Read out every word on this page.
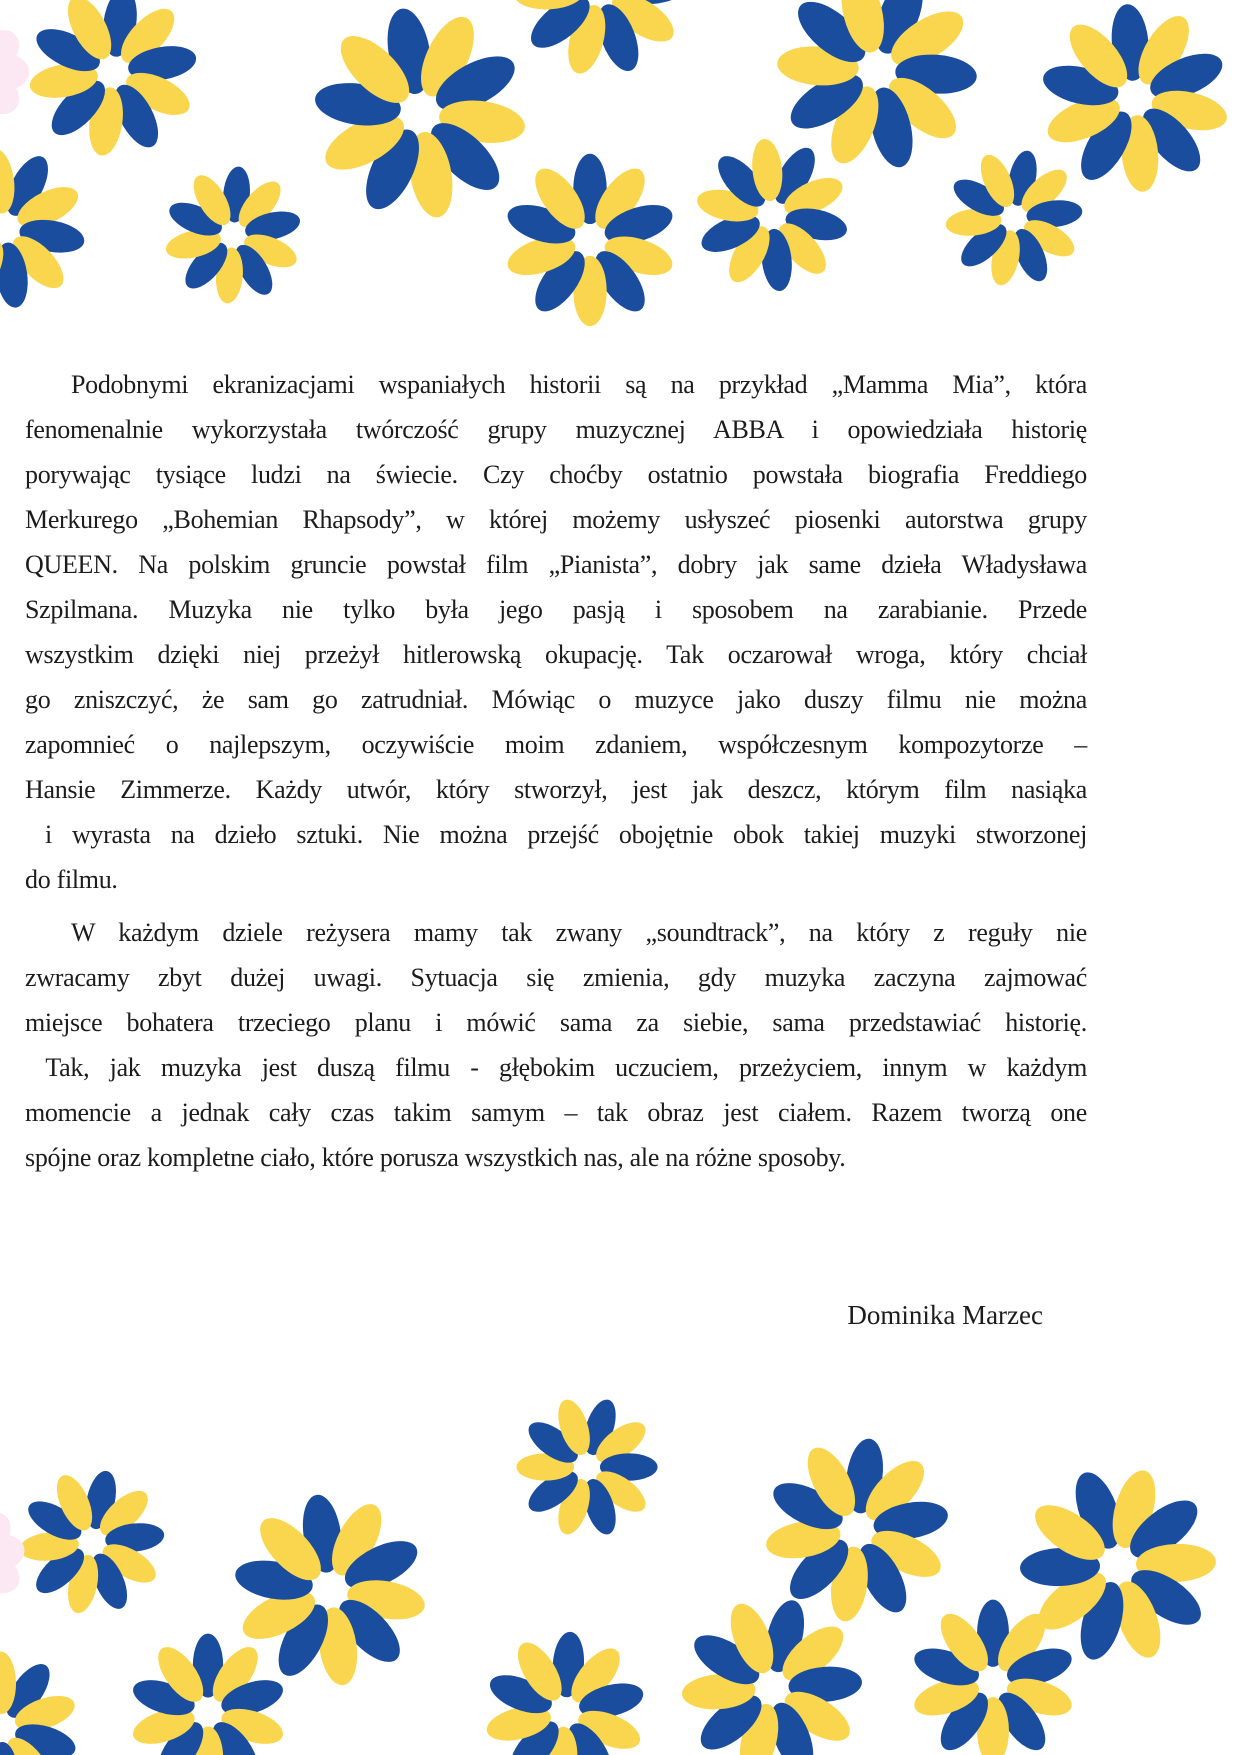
Podobnymi ekranizacjami wspaniałych historii są na przykład „Mamma Mia”, która
fenomenalnie wykorzystała twórczość grupy muzycznej ABBA i opowiedziała historię
porywając tysiące ludzi na świecie. Czy choćby ostatnio powstała biografia Freddiego
Merkurego „Bohemian Rhapsody”, w której możemy usłyszeć piosenki autorstwa grupy
QUEEN. Na polskim gruncie powstał film „Pianista”, dobry jak same dzieła Władysława
Szpilmana. Muzyka nie tylko była jego pasją i sposobem na zarabianie. Przede
wszystkim dzięki niej przeżył hitlerowską okupację. Tak oczarował wroga, który chciał
go zniszczyć, że sam go zatrudniał. Mówiąc o muzyce jako duszy filmu nie można
zapomnieć o najlepszym, oczywiście moim zdaniem, współczesnym kompozytorze –
Hansie Zimmerze. Każdy utwór, który stworzył, jest jak deszcz, którym film nasiąka
i wyrasta na dzieło sztuki. Nie można przejść obojętnie obok takiej muzyki stworzonej
do filmu.
W każdym dziele reżysera mamy tak zwany „soundtrack”, na który z reguły nie
zwracamy zbyt dużej uwagi. Sytuacja się zmienia, gdy muzyka zaczyna zajmować
miejsce bohatera trzeciego planu i mówić sama za siebie, sama przedstawiać historię.
Tak, jak muzyka jest duszą filmu - głębokim uczuciem, przeżyciem, innym w każdym
momencie a jednak cały czas takim samym – tak obraz jest ciałem. Razem tworzą one
spójne oraz kompletne ciało, które porusza wszystkich nas, ale na różne sposoby.
Dominika Marzec
